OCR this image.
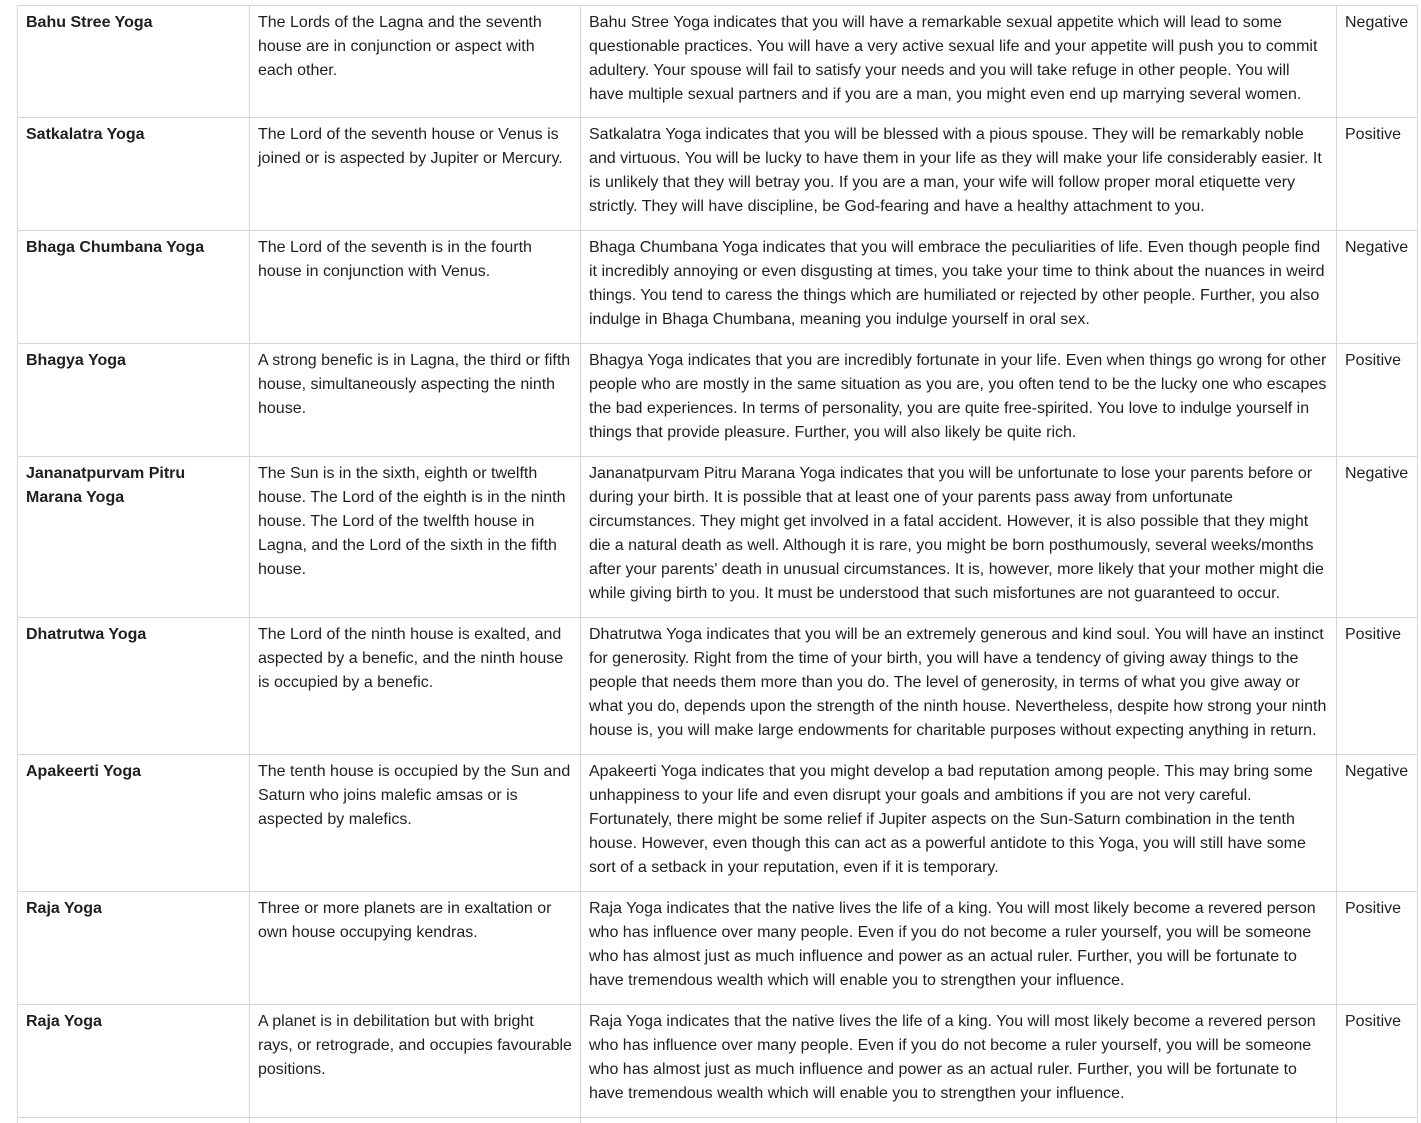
Bahu Stree Yoga	The Lords of the Lagna and the seventh house are in conjunction or aspect with each other.	Bahu Stree Yoga indicates that you will have a remarkable sexual appetite which will lead to some questionable practices. You will have a very active sexual life and your appetite will push you to commit adultery. Your spouse will fail to satisfy your needs and you will take refuge in other people. You will have multiple sexual partners and if you are a man, you might even end up marrying several women.	Negative
Satkalatra Yoga	The Lord of the seventh house or Venus is joined or is aspected by Jupiter or Mercury.	Satkalatra Yoga indicates that you will be blessed with a pious spouse. They will be remarkably noble and virtuous. You will be lucky to have them in your life as they will make your life considerably easier. It is unlikely that they will betray you. If you are a man, your wife will follow proper moral etiquette very strictly. They will have discipline, be God-fearing and have a healthy attachment to you.	Positive
Bhaga Chumbana Yoga	The Lord of the seventh is in the fourth house in conjunction with Venus.	Bhaga Chumbana Yoga indicates that you will embrace the peculiarities of life. Even though people find it incredibly annoying or even disgusting at times, you take your time to think about the nuances in weird things. You tend to caress the things which are humiliated or rejected by other people. Further, you also indulge in Bhaga Chumbana, meaning you indulge yourself in oral sex.	Negative
Bhagya Yoga	A strong benefic is in Lagna, the third or fifth house, simultaneously aspecting the ninth house.	Bhagya Yoga indicates that you are incredibly fortunate in your life. Even when things go wrong for other people who are mostly in the same situation as you are, you often tend to be the lucky one who escapes the bad experiences. In terms of personality, you are quite free-spirited. You love to indulge yourself in things that provide pleasure. Further, you will also likely be quite rich.	Positive
Jananatpurvam Pitru Marana Yoga	The Sun is in the sixth, eighth or twelfth house. The Lord of the eighth is in the ninth house. The Lord of the twelfth house in Lagna, and the Lord of the sixth in the fifth house.	Jananatpurvam Pitru Marana Yoga indicates that you will be unfortunate to lose your parents before or during your birth. It is possible that at least one of your parents pass away from unfortunate circumstances. They might get involved in a fatal accident. However, it is also possible that they might die a natural death as well. Although it is rare, you might be born posthumously, several weeks/months after your parents' death in unusual circumstances. It is, however, more likely that your mother might die while giving birth to you. It must be understood that such misfortunes are not guaranteed to occur.	Negative
Dhatrutwa Yoga	The Lord of the ninth house is exalted, and aspected by a benefic, and the ninth house is occupied by a benefic.	Dhatrutwa Yoga indicates that you will be an extremely generous and kind soul. You will have an instinct for generosity. Right from the time of your birth, you will have a tendency of giving away things to the people that needs them more than you do. The level of generosity, in terms of what you give away or what you do, depends upon the strength of the ninth house. Nevertheless, despite how strong your ninth house is, you will make large endowments for charitable purposes without expecting anything in return.	Positive
Apakeerti Yoga	The tenth house is occupied by the Sun and Saturn who joins malefic amsas or is aspected by malefics.	Apakeerti Yoga indicates that you might develop a bad reputation among people. This may bring some unhappiness to your life and even disrupt your goals and ambitions if you are not very careful. Fortunately, there might be some relief if Jupiter aspects on the Sun-Saturn combination in the tenth house. However, even though this can act as a powerful antidote to this Yoga, you will still have some sort of a setback in your reputation, even if it is temporary.	Negative
Raja Yoga	Three or more planets are in exaltation or own house occupying kendras.	Raja Yoga indicates that the native lives the life of a king. You will most likely become a revered person who has influence over many people. Even if you do not become a ruler yourself, you will be someone who has almost just as much influence and power as an actual ruler. Further, you will be fortunate to have tremendous wealth which will enable you to strengthen your influence.	Positive
Raja Yoga	A planet is in debilitation but with bright rays, or retrograde, and occupies favourable positions.	Raja Yoga indicates that the native lives the life of a king. You will most likely become a revered person who has influence over many people. Even if you do not become a ruler yourself, you will be someone who has almost just as much influence and power as an actual ruler. Further, you will be fortunate to have tremendous wealth which will enable you to strengthen your influence.	Positive
